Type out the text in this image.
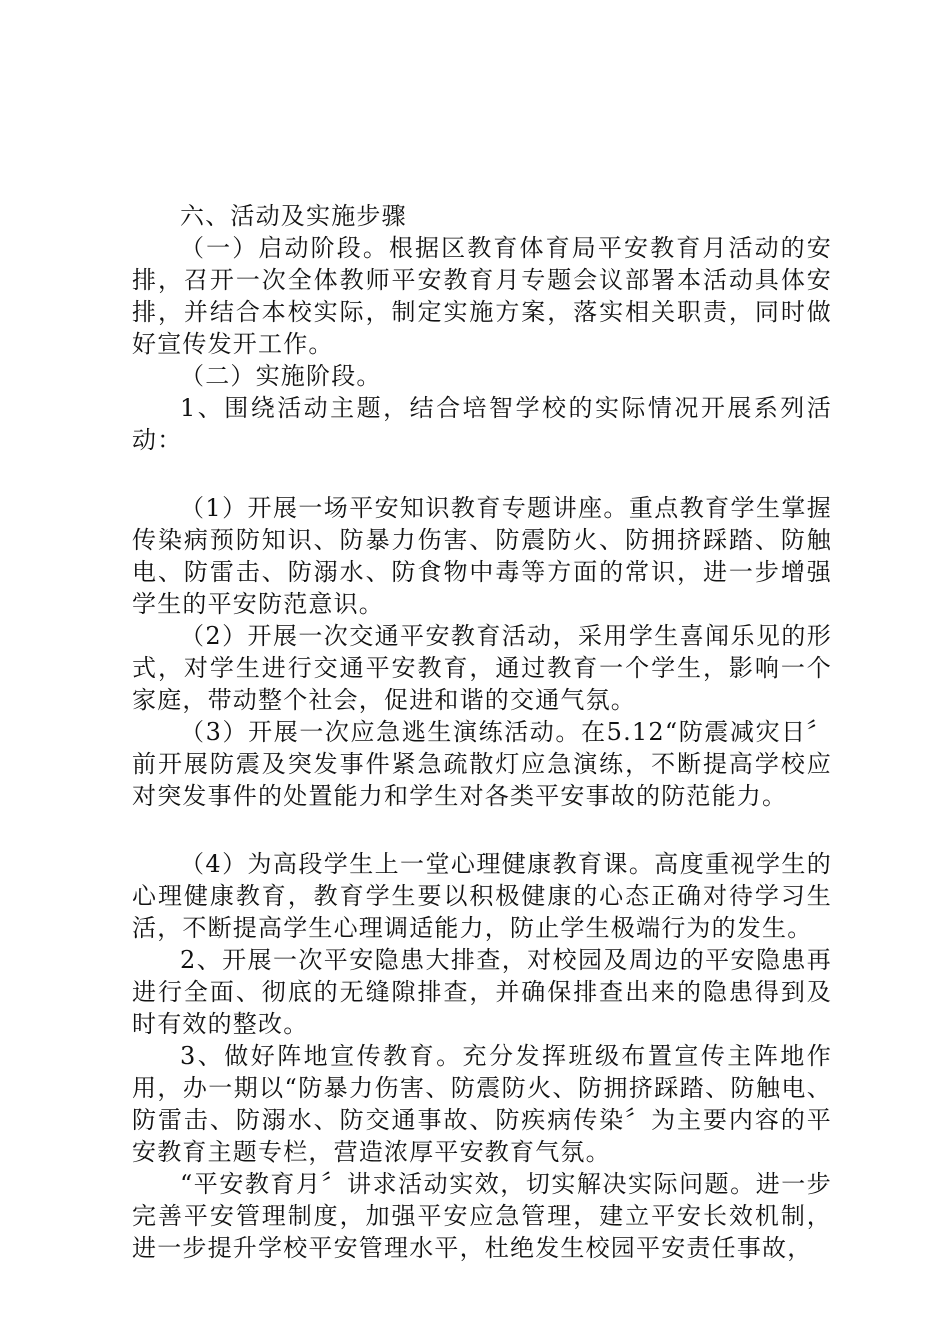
六、活动及实施步骤

（一）启动阶段。根据区教育体育局平安教育月活动的安排，召开一次全体教师平安教育月专题会议部署本活动具体安排，并结合本校实际，制定实施方案，落实相关职责，同时做好宣传发开工作。

（二）实施阶段。

1、围绕活动主题，结合培智学校的实际情况开展系列活动：

（1）开展一场平安知识教育专题讲座。重点教育学生掌握传染病预防知识、防暴力伤害、防震防火、防拥挤踩踏、防触电、防雷击、防溺水、防食物中毒等方面的常识，进一步增强学生的平安防范意识。

（2）开展一次交通平安教育活动，采用学生喜闻乐见的形式，对学生进行交通平安教育，通过教育一个学生，影响一个家庭，带动整个社会，促进和谐的交通气氛。

（3）开展一次应急逃生演练活动。在5.12“防震减灾日〞前开展防震及突发事件紧急疏散灯应急演练，不断提高学校应对突发事件的处置能力和学生对各类平安事故的防范能力。

（4）为高段学生上一堂心理健康教育课。高度重视学生的心理健康教育，教育学生要以积极健康的心态正确对待学习生活，不断提高学生心理调适能力，防止学生极端行为的发生。

2、开展一次平安隐患大排查，对校园及周边的平安隐患再进行全面、彻底的无缝隙排查，并确保排查出来的隐患得到及时有效的整改。

3、做好阵地宣传教育。充分发挥班级布置宣传主阵地作用，办一期以“防暴力伤害、防震防火、防拥挤踩踏、防触电、防雷击、防溺水、防交通事故、防疾病传染〞为主要内容的平安教育主题专栏，营造浓厚平安教育气氛。

“平安教育月〞讲求活动实效，切实解决实际问题。进一步完善平安管理制度，加强平安应急管理，建立平安长效机制，进一步提升学校平安管理水平，杜绝发生校园平安责任事故，
